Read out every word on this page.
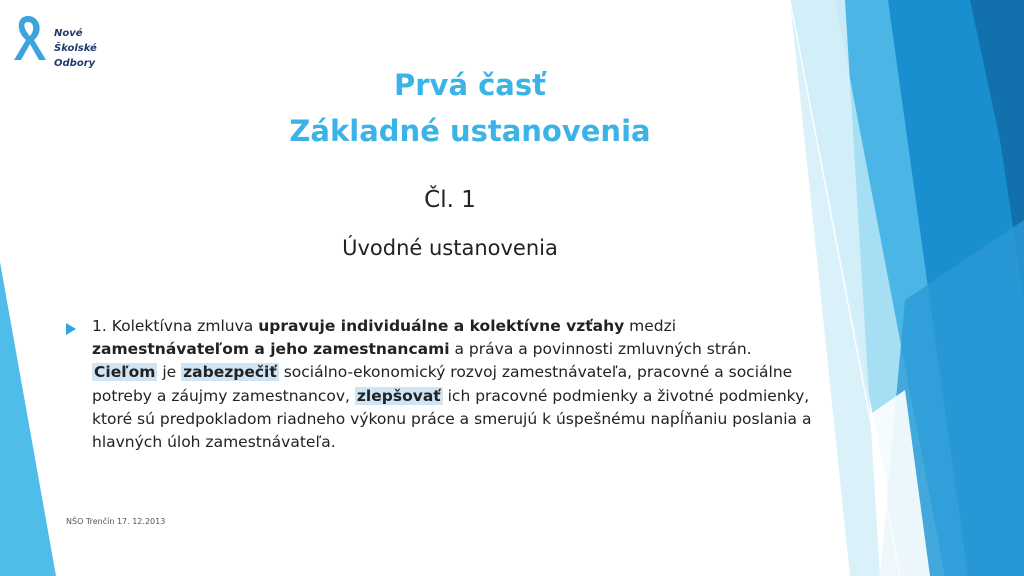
Nové
Školské
Odbory
Prvá časť
Základné ustanovenia
Čl. 1
Úvodné ustanovenia
1. Kolektívna zmluva upravuje individuálne a kolektívne vzťahy medzi zamestnávateľom a jeho zamestnancami a práva a povinnosti zmluvných strán. Cieľom je zabezpečiť sociálno-ekonomický rozvoj zamestnávateľa, pracovné a sociálne potreby a záujmy zamestnancov, zlepšovať ich pracovné podmienky a životné podmienky, ktoré sú predpokladom riadneho výkonu práce a smerujú k úspešnému napĺňaniu poslania a hlavných úloh zamestnávateľa.
NŠO Trenčín 17. 12.2013
